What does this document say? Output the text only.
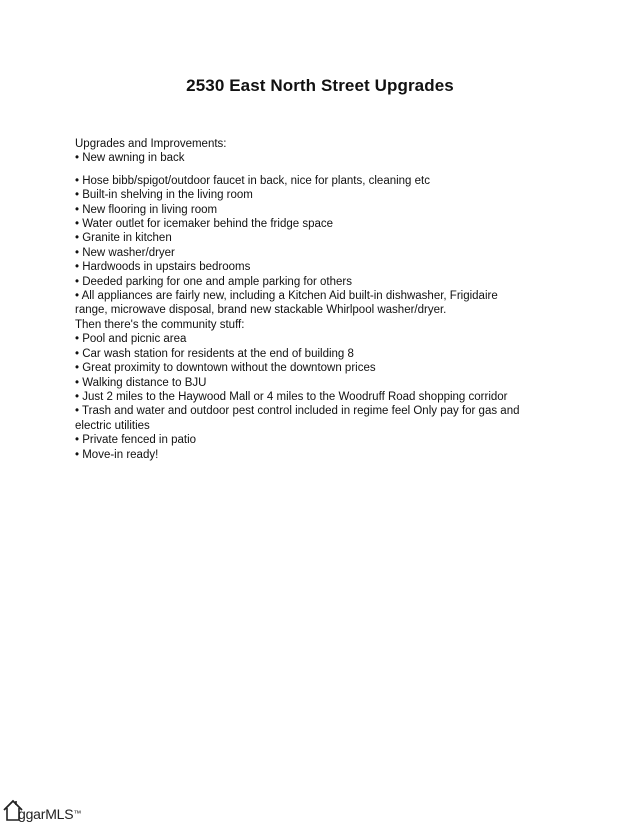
2530 East North Street Upgrades

Upgrades and Improvements:

• New awning in back

• Hose bibb/spigot/outdoor faucet in back, nice for plants, cleaning etc

• Built-in shelving in the living room

• New flooring in living room

• Water outlet for icemaker behind the fridge space

• Granite in kitchen

• New washer/dryer

• Hardwoods in upstairs bedrooms

• Deeded parking for one and ample parking for others

• All appliances are fairly new, including a Kitchen Aid built-in dishwasher, Frigidaire

range, microwave disposal, brand new stackable Whirlpool washer/dryer.

Then there's the community stuff:

• Pool and picnic area

• Car wash station for residents at the end of building 8

• Great proximity to downtown without the downtown prices

• Walking distance to BJU

• Just 2 miles to the Haywood Mall or 4 miles to the Woodruff Road shopping corridor

• Trash and water and outdoor pest control included in regime feel Only pay for gas and

electric utilities

• Private fenced in patio

• Move-in ready!

ggarMLS™
